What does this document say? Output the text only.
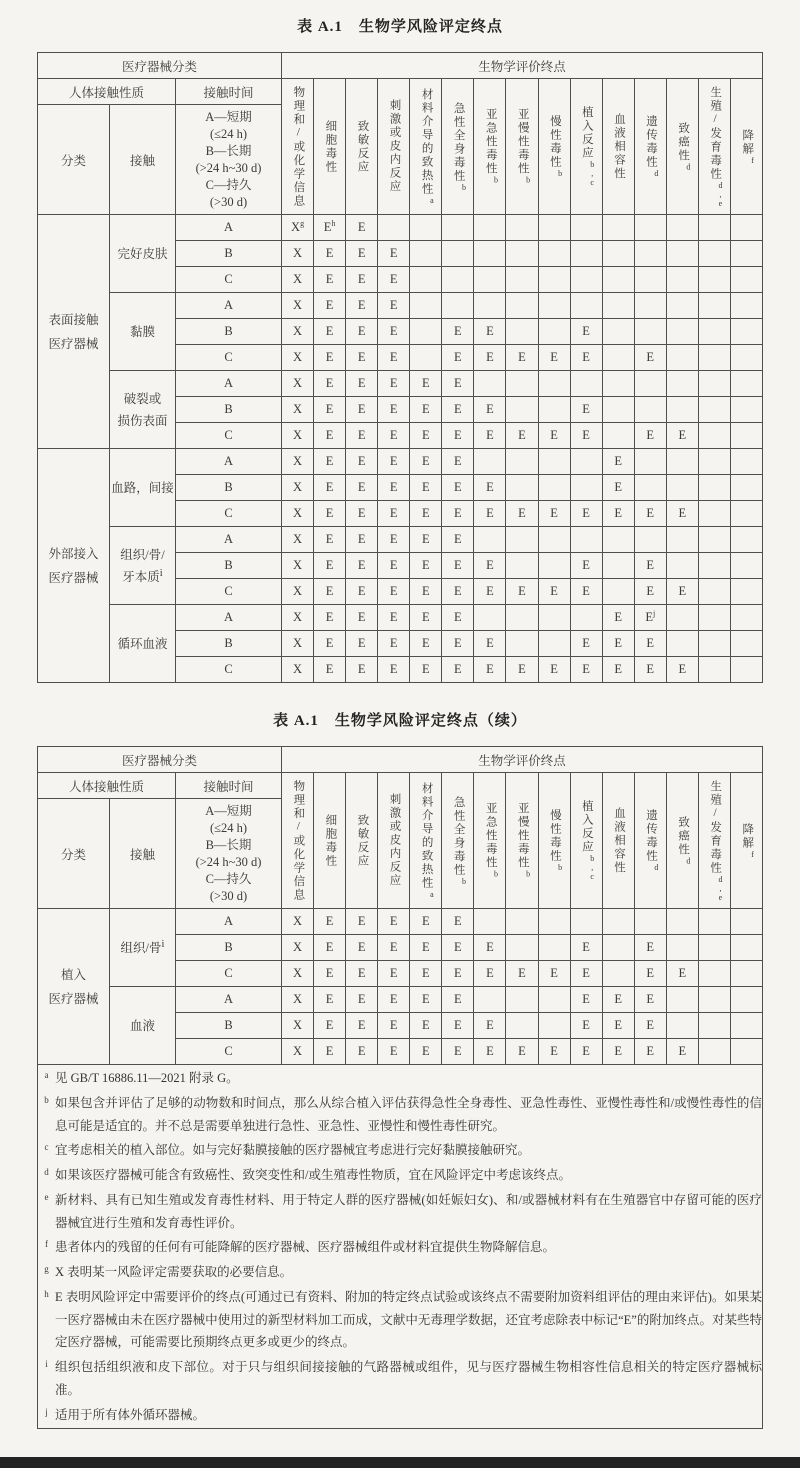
表 A.1　生物学风险评定终点
医疗器械分类			生物学评价终点														
人体接触性质		接触时间	物理和/或化学信息	细胞毒性	致敏反应	刺激或皮内反应	材料介导的致热性$^a$	急性全身毒性$^b$	亚急性毒性$^b$	亚慢性毒性$^b$	慢性毒性$^b$	植入反应$^{b,c}$	血液相容性	遗传毒性$^d$	致癌性$^d$	生殖/发育毒性$^{d,e}$	降解$^f$

分类	接触	A—短期
(≤24 h)
B—长期
(>24 h~30 d)
C—持久
(>30 d)
表面接触
医疗器械	完好皮肤	A	$X^g$	$E^h$	E												
		B	X	E	E	E											
		C	X	E	E	E											
	黏膜	A	X	E	E	E											
		B	X	E	E	E		E	E			E					
		C	X	E	E	E		E	E	E	E	E		E			
	破裂或
损伤表面	A	X	E	E	E	E	E									
		B	X	E	E	E	E	E	E			E					
		C	X	E	E	E	E	E	E	E	E	E		E	E		
外部接入
医疗器械	血路，间接	A	X	E	E	E	E	E					E				
		B	X	E	E	E	E	E	E				E				
		C	X	E	E	E	E	E	E	E	E	E	E	E	E		
	组织/骨/
牙本质$^i$	A	X	E	E	E	E	E									
		B	X	E	E	E	E	E	E			E		E			
		C	X	E	E	E	E	E	E	E	E	E		E	E		
	循环血液	A	X	E	E	E	E	E					E	$E^j$			
		B	X	E	E	E	E	E	E			E	E	E			
		C	X	E	E	E	E	E	E	E	E	E	E	E	E		
表 A.1　生物学风险评定终点（续）
医疗器械分类			生物学评价终点														
人体接触性质		接触时间	物理和/或化学信息	细胞毒性	致敏反应	刺激或皮内反应	材料介导的致热性$^a$	急性全身毒性$^b$	亚急性毒性$^b$	亚慢性毒性$^b$	慢性毒性$^b$	植入反应$^{b,c}$	血液相容性	遗传毒性$^d$	致癌性$^d$	生殖/发育毒性$^{d,e}$	降解$^f$

分类	接触	A—短期
(≤24 h)
B—长期
(>24 h~30 d)
C—持久
(>30 d)
植入
医疗器械	组织/骨$^i$	A	X	E	E	E	E	E									
		B	X	E	E	E	E	E	E			E		E			
		C	X	E	E	E	E	E	E	E	E	E		E	E		
	血液	A	X	E	E	E	E	E				E	E	E			
		B	X	E	E	E	E	E	E			E	E	E			
		C	X	E	E	E	E	E	E	E	E	E	E	E	E		

a 见 GB/T 16886.11—2021 附录 G。
b 如果包含并评估了足够的动物数和时间点，那么从综合植入评估获得急性全身毒性、亚急性毒性、亚慢性毒性和/或慢性毒性的信息可能是适宜的。并不总是需要单独进行急性、亚急性、亚慢性和慢性毒性研究。
c 宜考虑相关的植入部位。如与完好黏膜接触的医疗器械宜考虑进行完好黏膜接触研究。
d 如果该医疗器械可能含有致癌性、致突变性和/或生殖毒性物质，宜在风险评定中考虑该终点。
e 新材料、具有已知生殖或发育毒性材料、用于特定人群的医疗器械(如妊娠妇女)、和/或器械材料有在生殖器官中存留可能的医疗器械宜进行生殖和发育毒性评价。
f 患者体内的残留的任何有可能降解的医疗器械、医疗器械组件或材料宜提供生物降解信息。
g X 表明某一风险评定需要获取的必要信息。
h E 表明风险评定中需要评价的终点(可通过已有资料、附加的特定终点试验或该终点不需要附加资料组评估的理由来评估)。如果某一医疗器械由未在医疗器械中使用过的新型材料加工而成，文献中无毒理学数据，还宜考虑除表中标记“E”的附加终点。对某些特定医疗器械，可能需要比预期终点更多或更少的终点。
i 组织包括组织液和皮下部位。对于只与组织间接接触的气路器械或组件，见与医疗器械生物相容性信息相关的特定医疗器械标准。
j 适用于所有体外循环器械。
